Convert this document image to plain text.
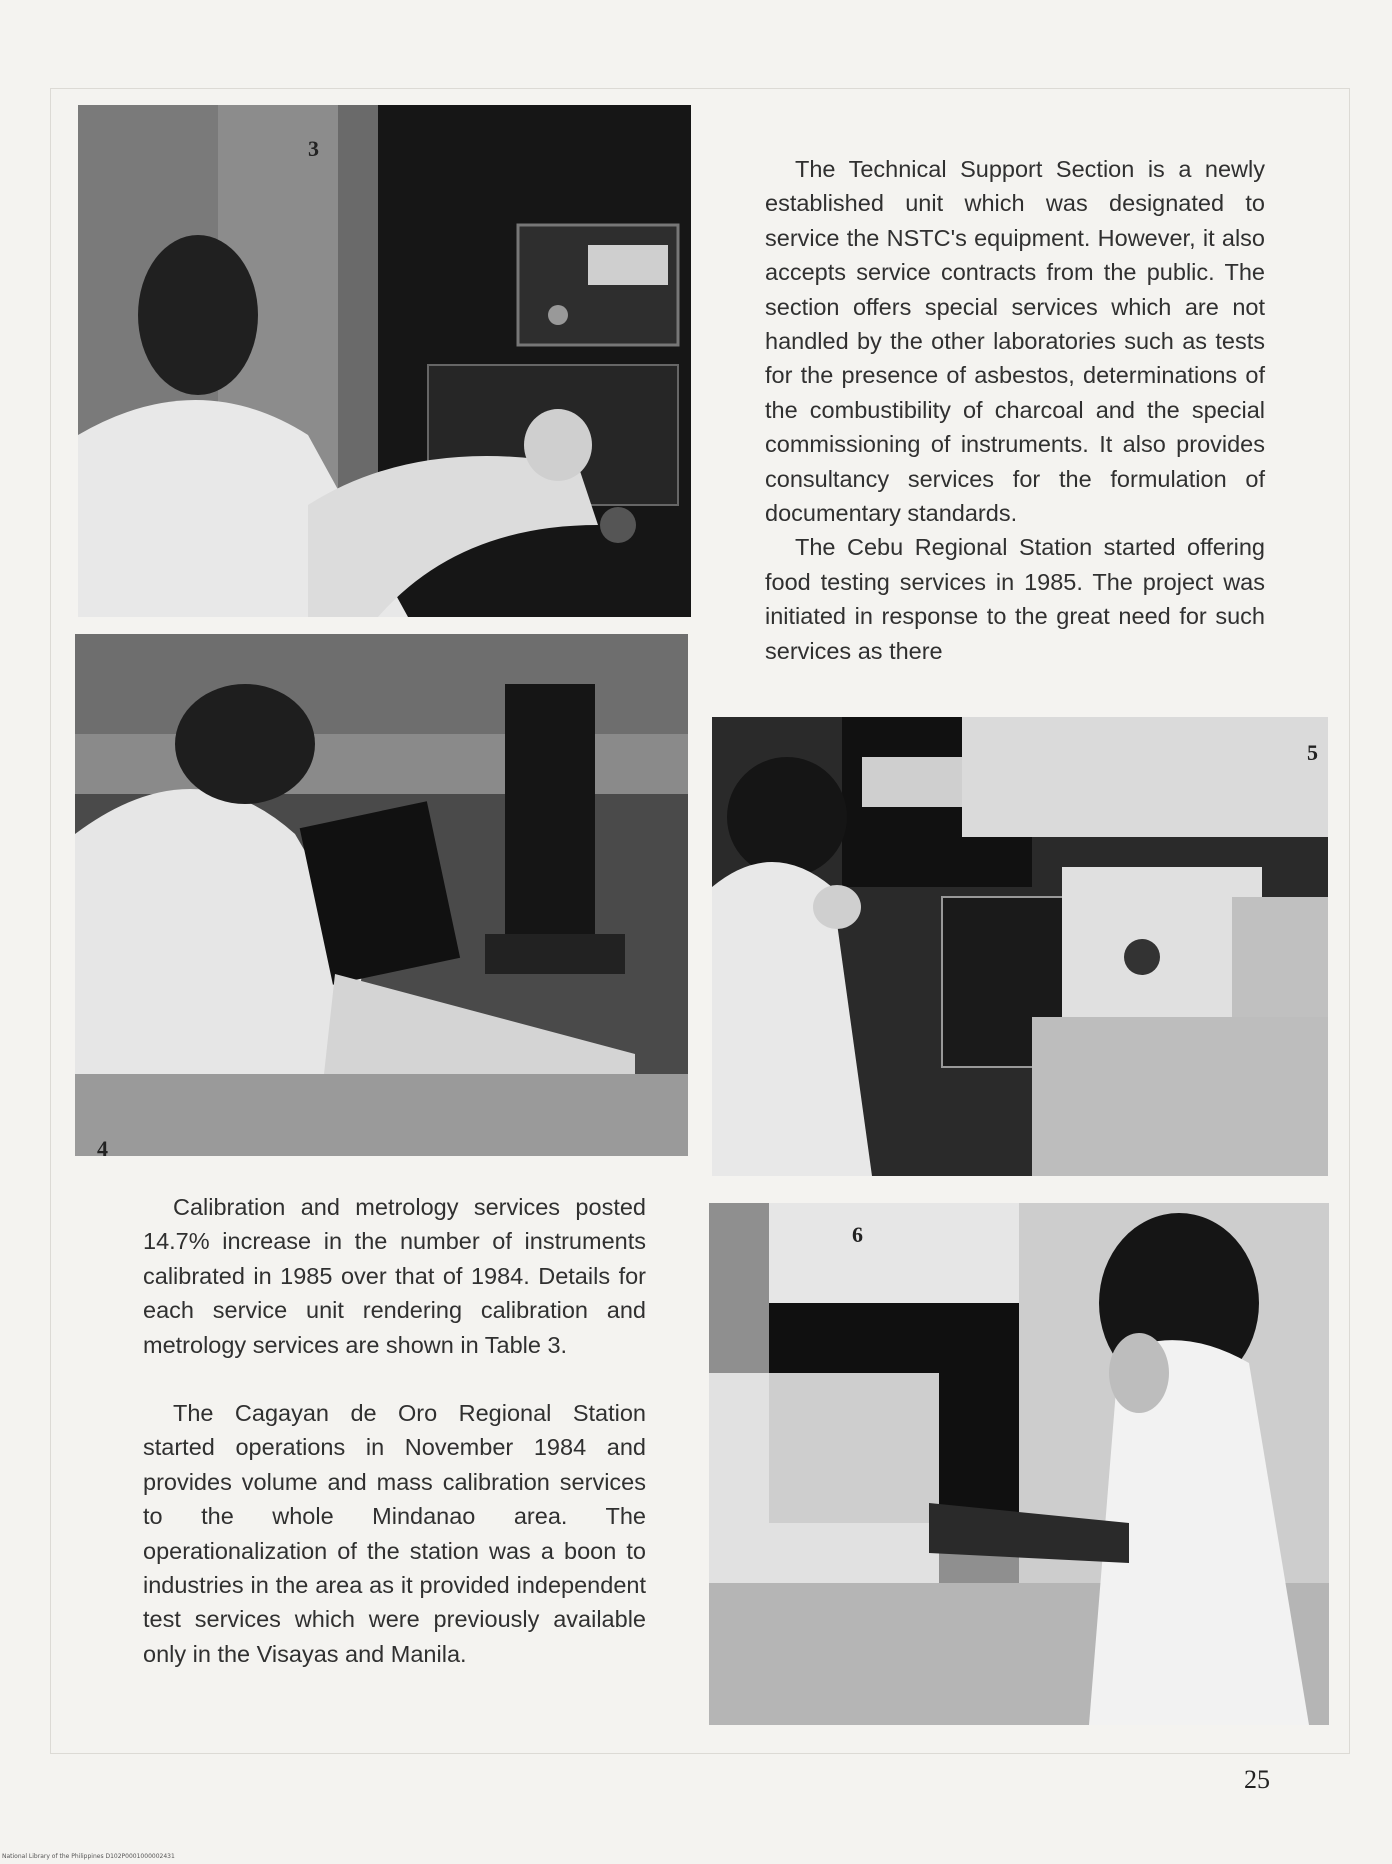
3
4
5
6

The Technical Support Section is a newly established unit which was designated to service the NSTC's equipment. However, it also accepts service contracts from the public. The section offers special services which are not handled by the other laboratories such as tests for the presence of asbestos, determinations of the combustibility of charcoal and the special commissioning of instruments. It also provides consultancy services for the formulation of documentary standards.

The Cebu Regional Station started offering food testing services in 1985. The project was initiated in response to the great need for such services as there

Calibration and metrology services posted 14.7% increase in the number of instruments calibrated in 1985 over that of 1984. Details for each service unit rendering calibration and metrology services are shown in Table 3.

The Cagayan de Oro Regional Station started operations in November 1984 and provides volume and mass calibration services to the whole Mindanao area. The operationalization of the station was a boon to industries in the area as it provided independent test services which were previously available only in the Visayas and Manila.

25
National Library of the Philippines D102P0001000002431
